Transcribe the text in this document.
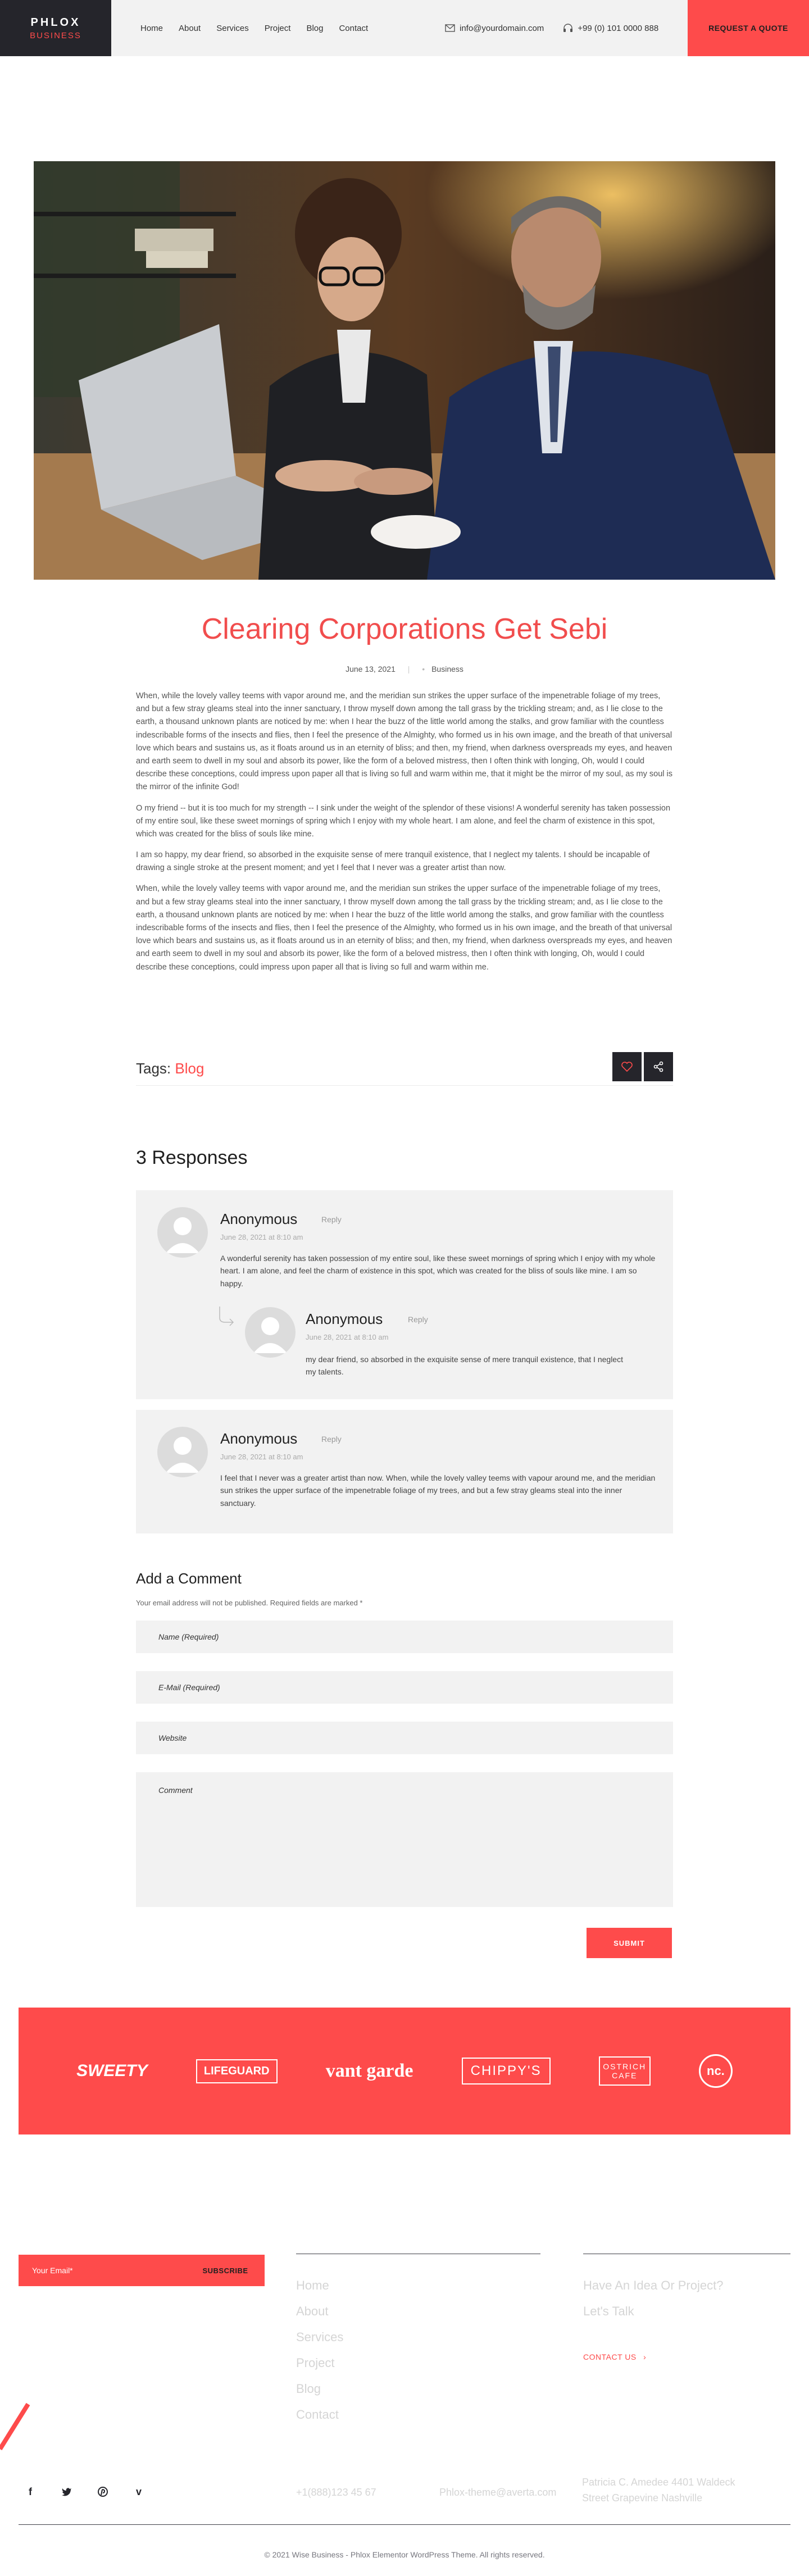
PHLOX
BUSINESS
Home About Services Project Blog Contact	info@yourdomain.com	+99 (0) 101 0000 888	REQUEST A QUOTE
Clearing Corporations Get Sebi
June 13, 2021 | • Business

When, while the lovely valley teems with vapor around me, and the meridian sun strikes the upper surface of the impenetrable foliage of my trees, and but a few stray gleams steal into the inner sanctuary, I throw myself down among the tall grass by the trickling stream; and, as I lie close to the earth, a thousand unknown plants are noticed by me: when I hear the buzz of the little world among the stalks, and grow familiar with the countless indescribable forms of the insects and flies, then I feel the presence of the Almighty, who formed us in his own image, and the breath of that universal love which bears and sustains us, as it floats around us in an eternity of bliss; and then, my friend, when darkness overspreads my eyes, and heaven and earth seem to dwell in my soul and absorb its power, like the form of a beloved mistress, then I often think with longing, Oh, would I could describe these conceptions, could impress upon paper all that is living so full and warm within me, that it might be the mirror of my soul, as my soul is the mirror of the infinite God!

O my friend -- but it is too much for my strength -- I sink under the weight of the splendor of these visions! A wonderful serenity has taken possession of my entire soul, like these sweet mornings of spring which I enjoy with my whole heart. I am alone, and feel the charm of existence in this spot, which was created for the bliss of souls like mine.

I am so happy, my dear friend, so absorbed in the exquisite sense of mere tranquil existence, that I neglect my talents. I should be incapable of drawing a single stroke at the present moment; and yet I feel that I never was a greater artist than now.

When, while the lovely valley teems with vapor around me, and the meridian sun strikes the upper surface of the impenetrable foliage of my trees, and but a few stray gleams steal into the inner sanctuary, I throw myself down among the tall grass by the trickling stream; and, as I lie close to the earth, a thousand unknown plants are noticed by me: when I hear the buzz of the little world among the stalks, and grow familiar with the countless indescribable forms of the insects and flies, then I feel the presence of the Almighty, who formed us in his own image, and the breath of that universal love which bears and sustains us, as it floats around us in an eternity of bliss; and then, my friend, when darkness overspreads my eyes, and heaven and earth seem to dwell in my soul and absorb its power, like the form of a beloved mistress, then I often think with longing, Oh, would I could describe these conceptions, could impress upon paper all that is living so full and warm within me.

Tags: Blog
3 Responses
Anonymous	Reply
June 28, 2021 at 8:10 am
A wonderful serenity has taken possession of my entire soul, like these sweet mornings of spring which I enjoy with my whole heart. I am alone, and feel the charm of existence in this spot, which was created for the bliss of souls like mine. I am so happy.
Anonymous	Reply
June 28, 2021 at 8:10 am
my dear friend, so absorbed in the exquisite sense of mere tranquil existence, that I neglect my talents.
Anonymous	Reply
June 28, 2021 at 8:10 am
I feel that I never was a greater artist than now. When, while the lovely valley teems with vapour around me, and the meridian sun strikes the upper surface of the impenetrable foliage of my trees, and but a few stray gleams steal into the inner sanctuary.
Add a Comment
Your email address will not be published. Required fields are marked *
Name (Required)
E-Mail (Required)
Website
Comment
SUBMIT
SWEETY	LIFEGUARD	vant garde	CHIPPY'S	OSTRICH CAFE	nc.
Our Insights To Your Inbox
Your Email*
SUBSCRIBE
Company
Home
About
Services
Project
Blog
Contact
Contact Us
Have An Idea Or Project?
Let's Talk
CONTACT US ›
f	v	+1(888)123 45 67	Phlox-theme@averta.com
Patricia C. Amedee 4401 Waldeck
Street Grapevine Nashville
© 2021 Wise Business - Phlox Elementor WordPress Theme. All rights reserved.
